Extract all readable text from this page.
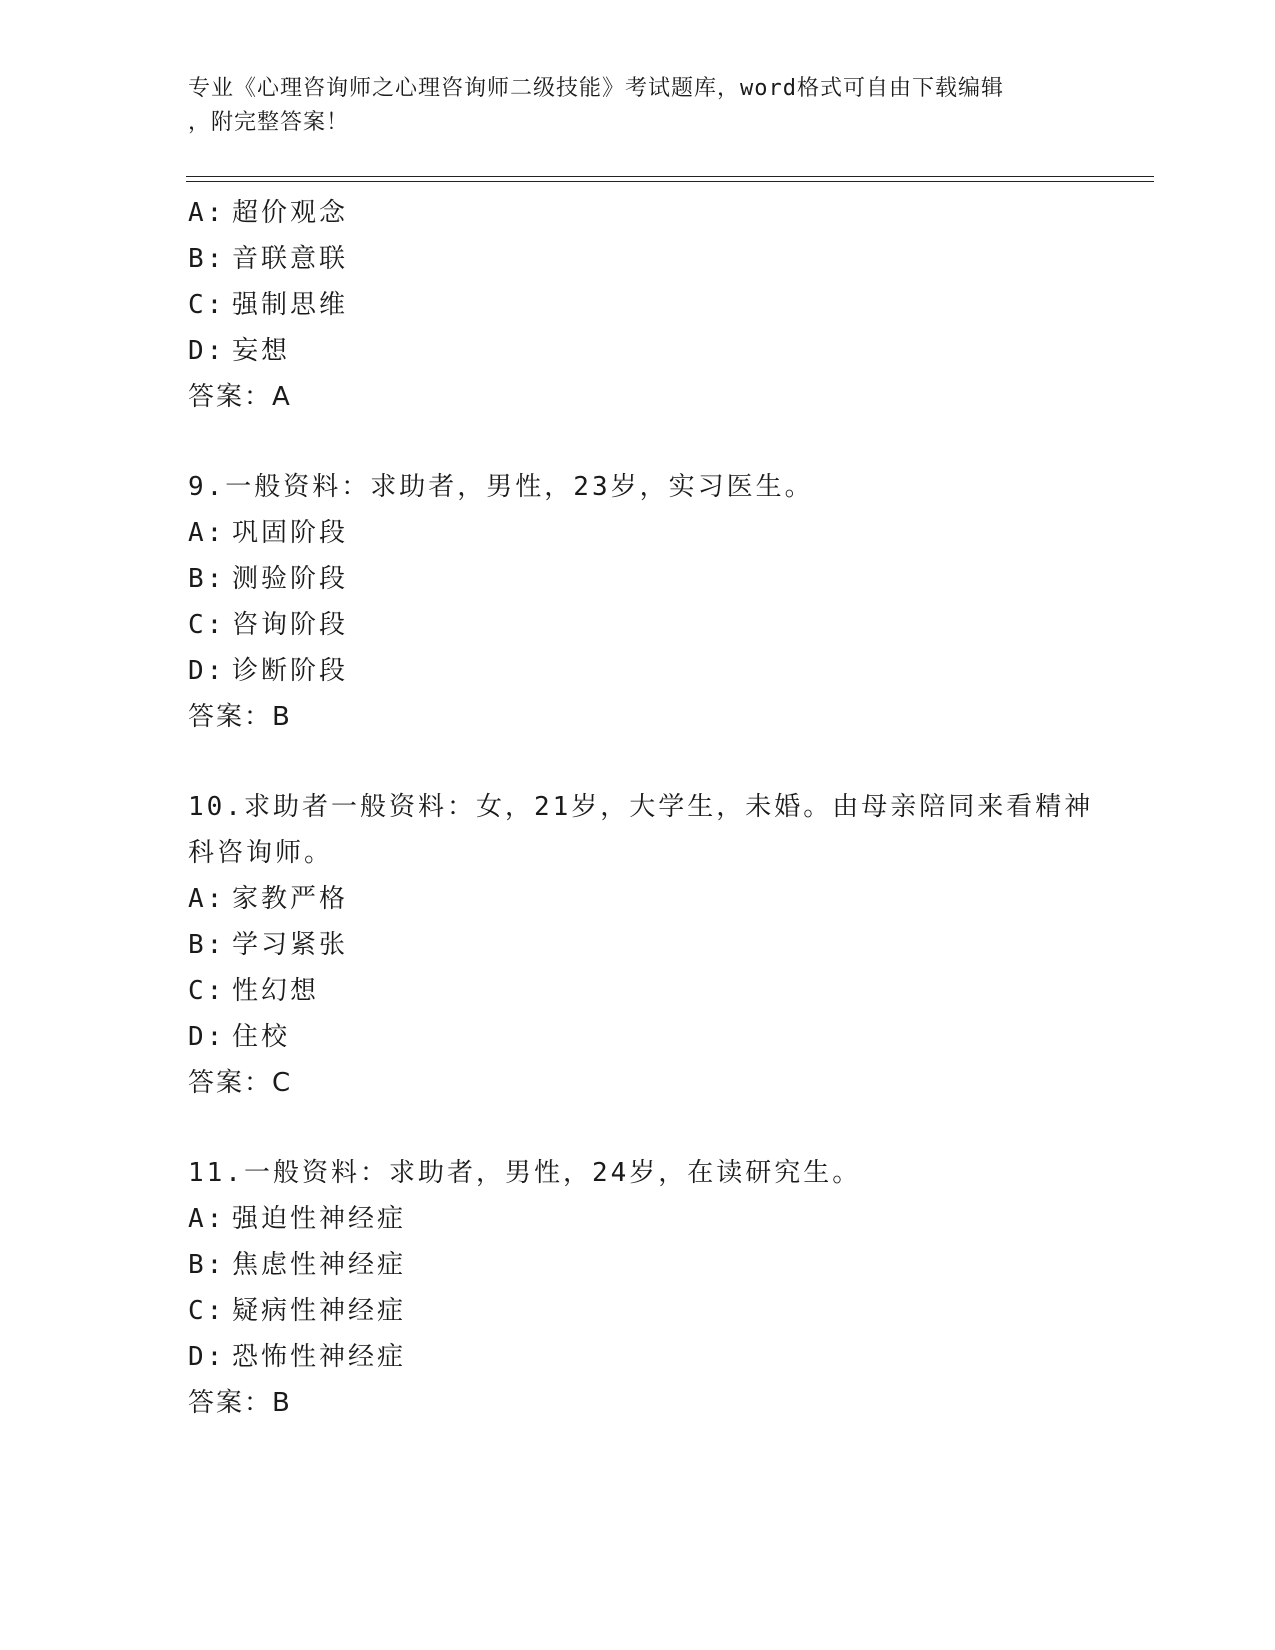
专业《心理咨询师之心理咨询师二级技能》考试题库，word格式可自由下载编辑
，附完整答案！
A: 超价观念
B: 音联意联
C: 强制思维
D: 妄想
答案：A
9.一般资料：求助者，男性，23岁，实习医生。
A: 巩固阶段
B: 测验阶段
C: 咨询阶段
D: 诊断阶段
答案：B
10.求助者一般资料：女，21岁，大学生，未婚。由母亲陪同来看精神
科咨询师。
A: 家教严格
B: 学习紧张
C: 性幻想
D: 住校
答案：C
11.一般资料：求助者，男性，24岁，在读研究生。
A: 强迫性神经症
B: 焦虑性神经症
C: 疑病性神经症
D: 恐怖性神经症
答案：B
